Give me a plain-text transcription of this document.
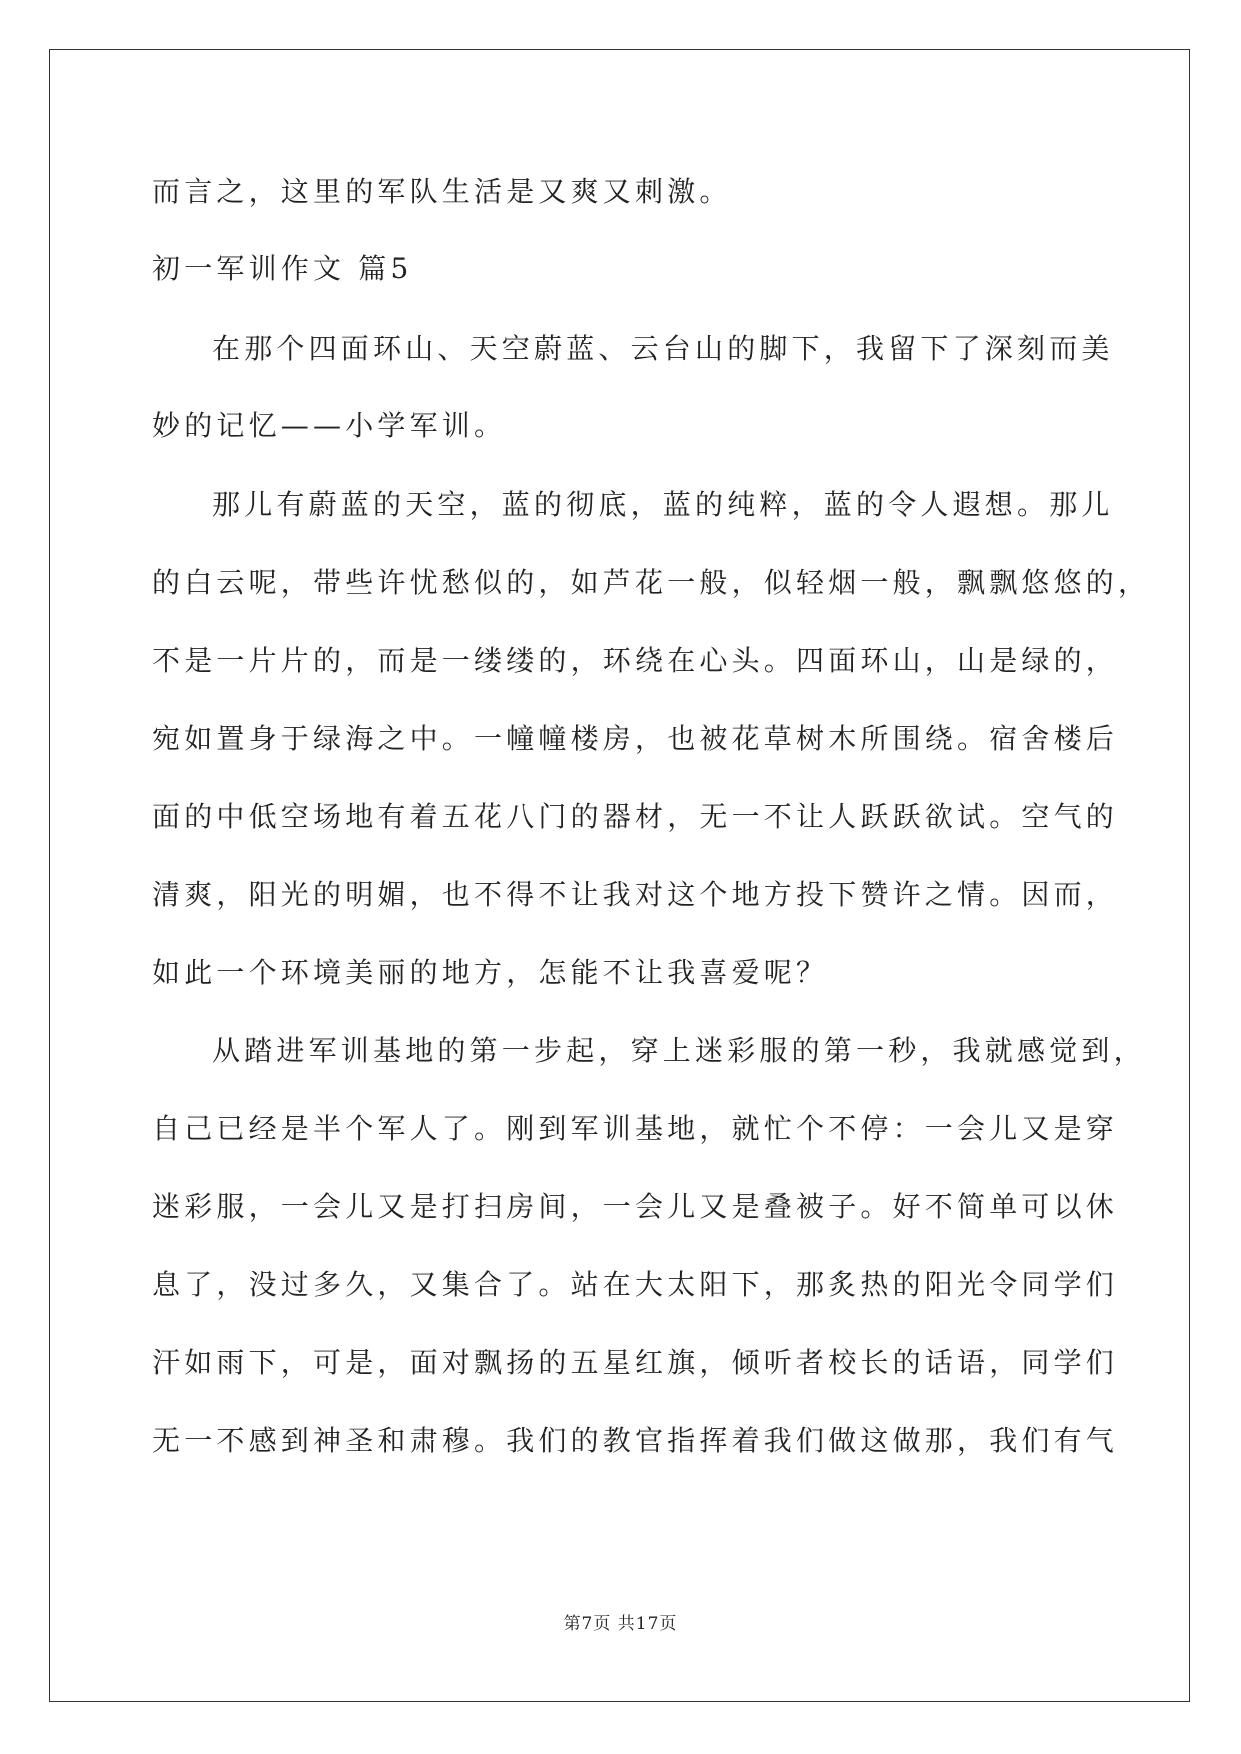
而言之，这里的军队生活是又爽又刺激。
初一军训作文 篇5
在那个四面环山、天空蔚蓝、云台山的脚下，我留下了深刻而美
妙的记忆——小学军训。
那儿有蔚蓝的天空，蓝的彻底，蓝的纯粹，蓝的令人遐想。那儿
的白云呢，带些许忧愁似的，如芦花一般，似轻烟一般，飘飘悠悠的，
不是一片片的，而是一缕缕的，环绕在心头。四面环山，山是绿的，
宛如置身于绿海之中。一幢幢楼房，也被花草树木所围绕。宿舍楼后
面的中低空场地有着五花八门的器材，无一不让人跃跃欲试。空气的
清爽，阳光的明媚，也不得不让我对这个地方投下赞许之情。因而，
如此一个环境美丽的地方，怎能不让我喜爱呢？
从踏进军训基地的第一步起，穿上迷彩服的第一秒，我就感觉到，
自己已经是半个军人了。刚到军训基地，就忙个不停：一会儿又是穿
迷彩服，一会儿又是打扫房间，一会儿又是叠被子。好不简单可以休
息了，没过多久，又集合了。站在大太阳下，那炙热的阳光令同学们
汗如雨下，可是，面对飘扬的五星红旗，倾听者校长的话语，同学们
无一不感到神圣和肃穆。我们的教官指挥着我们做这做那，我们有气
第7页 共17页
